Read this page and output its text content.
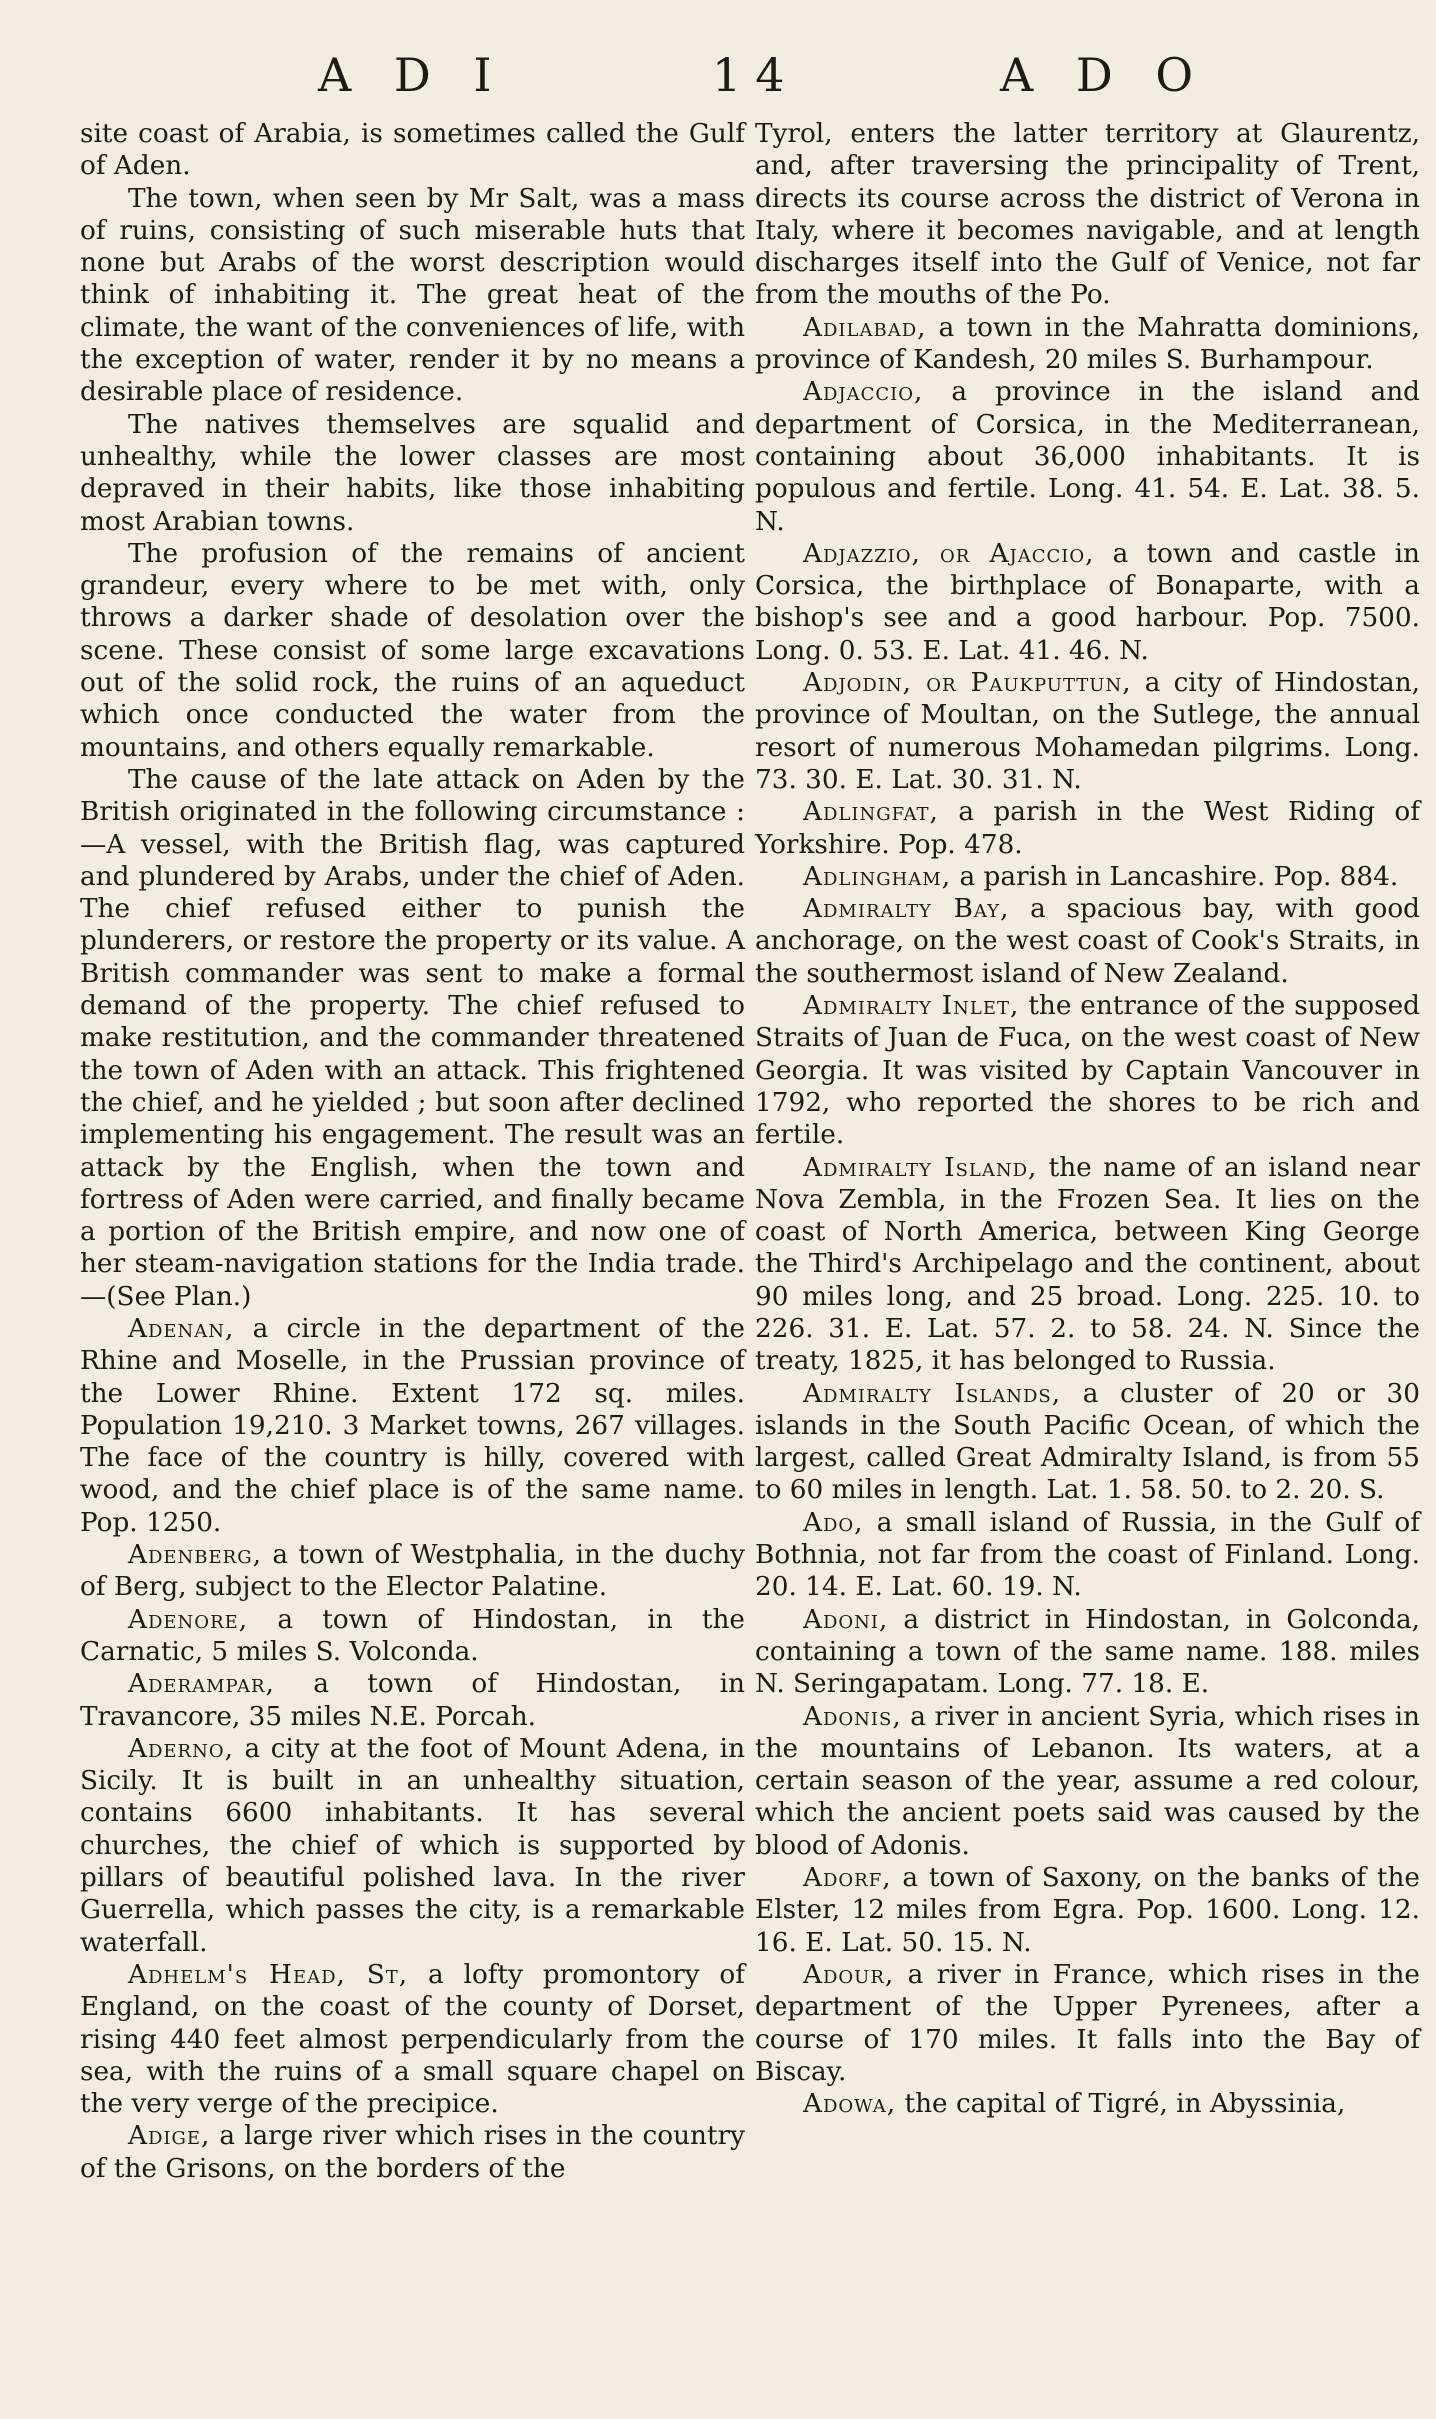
A D I	14	A D O

site coast of Arabia, is sometimes called the Gulf of Aden.

The town, when seen by Mr Salt, was a mass of ruins, consisting of such miserable huts that none but Arabs of the worst description would think of inhabiting it. The great heat of the climate, the want of the conveniences of life, with the exception of water, render it by no means a desirable place of residence.

The natives themselves are squalid and unhealthy, while the lower classes are most depraved in their habits, like those inhabiting most Arabian towns.

The profusion of the remains of ancient grandeur, every where to be met with, only throws a darker shade of desolation over the scene. These consist of some large excavations out of the solid rock, the ruins of an aqueduct which once conducted the water from the mountains, and others equally remarkable.

The cause of the late attack on Aden by the British originated in the following circumstance :—A vessel, with the British flag, was captured and plundered by Arabs, under the chief of Aden. The chief refused either to punish the plunderers, or restore the property or its value. A British commander was sent to make a formal demand of the property. The chief refused to make restitution, and the commander threatened the town of Aden with an attack. This frightened the chief, and he yielded ; but soon after declined implementing his engagement. The result was an attack by the English, when the town and fortress of Aden were carried, and finally became a portion of the British empire, and now one of her steam-navigation stations for the India trade. —(See Plan.)

Adenan, a circle in the department of the Rhine and Moselle, in the Prussian province of the Lower Rhine. Extent 172 sq. miles. Population 19,210. 3 Market towns, 267 villages. The face of the country is hilly, covered with wood, and the chief place is of the same name. Pop. 1250.

Adenberg, a town of Westphalia, in the duchy of Berg, subject to the Elector Palatine.

Adenore, a town of Hindostan, in the Carnatic, 5 miles S. Volconda.

Aderampar, a town of Hindostan, in Travancore, 35 miles N.E. Porcah.

Aderno, a city at the foot of Mount Adena, in Sicily. It is built in an unhealthy situation, contains 6600 inhabitants. It has several churches, the chief of which is supported by pillars of beautiful polished lava. In the river Guerrella, which passes the city, is a remarkable waterfall.

Adhelm's Head, St, a lofty promontory of England, on the coast of the county of Dorset, rising 440 feet almost perpendicularly from the sea, with the ruins of a small square chapel on the very verge of the precipice.

Adige, a large river which rises in the country of the Grisons, on the borders of the

Tyrol, enters the latter territory at Glaurentz, and, after traversing the principality of Trent, directs its course across the district of Verona in Italy, where it becomes navigable, and at length discharges itself into the Gulf of Venice, not far from the mouths of the Po.

Adilabad, a town in the Mahratta dominions, province of Kandesh, 20 miles S. Burhampour.

Adjaccio, a province in the island and department of Corsica, in the Mediterranean, containing about 36,000 inhabitants. It is populous and fertile. Long. 41. 54. E. Lat. 38. 5. N.

Adjazzio, or Ajaccio, a town and castle in Corsica, the birthplace of Bonaparte, with a bishop's see and a good harbour. Pop. 7500. Long. 0. 53. E. Lat. 41. 46. N.

Adjodin, or Paukputtun, a city of Hindostan, province of Moultan, on the Sutlege, the annual resort of numerous Mohamedan pilgrims. Long. 73. 30. E. Lat. 30. 31. N.

Adlingfat, a parish in the West Riding of Yorkshire. Pop. 478.

Adlingham, a parish in Lancashire. Pop. 884.

Admiralty Bay, a spacious bay, with good anchorage, on the west coast of Cook's Straits, in the southermost island of New Zealand.

Admiralty Inlet, the entrance of the supposed Straits of Juan de Fuca, on the west coast of New Georgia. It was visited by Captain Vancouver in 1792, who reported the shores to be rich and fertile.

Admiralty Island, the name of an island near Nova Zembla, in the Frozen Sea. It lies on the coast of North America, between King George the Third's Archipelago and the continent, about 90 miles long, and 25 broad. Long. 225. 10. to 226. 31. E. Lat. 57. 2. to 58. 24. N. Since the treaty, 1825, it has belonged to Russia.

Admiralty Islands, a cluster of 20 or 30 islands in the South Pacific Ocean, of which the largest, called Great Admiralty Island, is from 55 to 60 miles in length. Lat. 1. 58. 50. to 2. 20. S.

Ado, a small island of Russia, in the Gulf of Bothnia, not far from the coast of Finland. Long. 20. 14. E. Lat. 60. 19. N.

Adoni, a district in Hindostan, in Golconda, containing a town of the same name. 188. miles N. Seringapatam. Long. 77. 18. E.

Adonis, a river in ancient Syria, which rises in the mountains of Lebanon. Its waters, at a certain season of the year, assume a red colour, which the ancient poets said was caused by the blood of Adonis.

Adorf, a town of Saxony, on the banks of the Elster, 12 miles from Egra. Pop. 1600. Long. 12. 16. E. Lat. 50. 15. N.

Adour, a river in France, which rises in the department of the Upper Pyrenees, after a course of 170 miles. It falls into the Bay of Biscay.

Adowa, the capital of Tigré, in Abyssinia,
